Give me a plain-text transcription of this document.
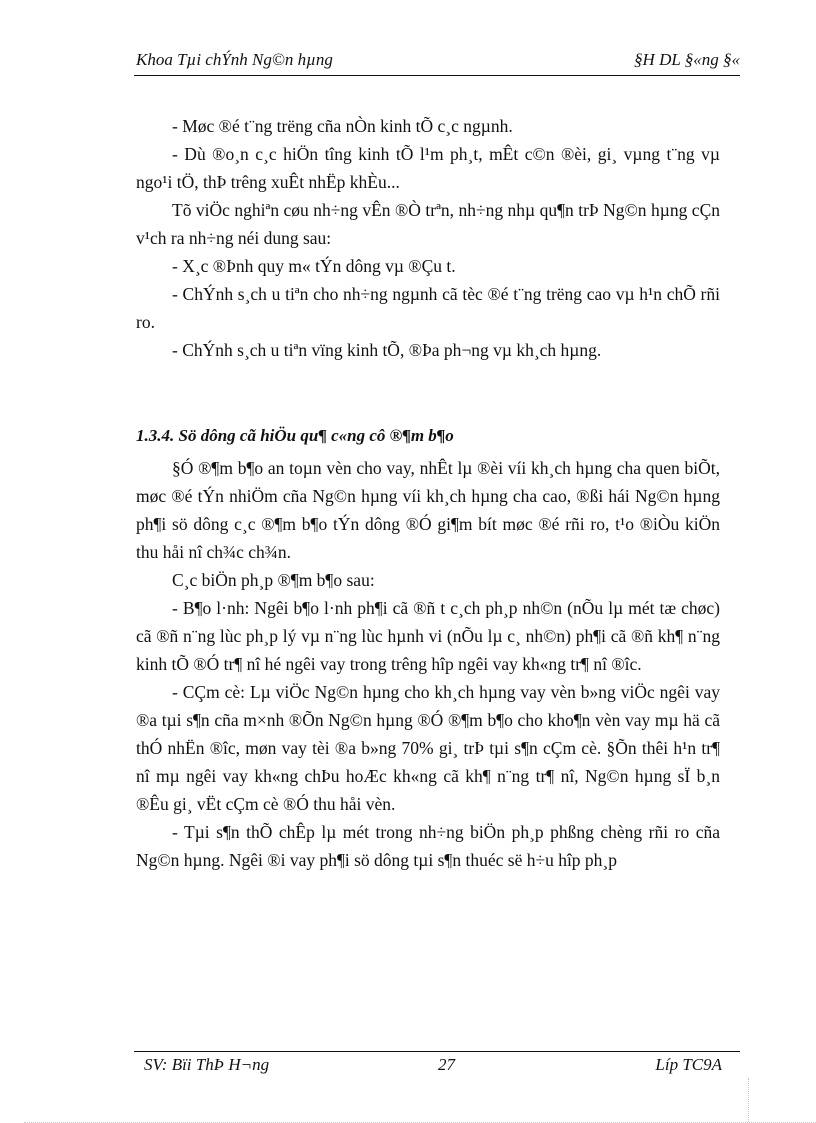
Khoa Tµi chÝnh Ng©n hµng	§H DL §«ng §«

- Møc ®é t¨ng trëng cña nÒn kinh tÕ c¸c ngµnh.

- Dù ®o¸n c¸c hiÖn tîng kinh tÕ l¹m ph¸t, mÊt c©n ®èi, gi¸ vµng t¨ng vµ ngo¹i tÖ, thÞ trêng xuÊt nhËp khÈu...

Tõ viÖc nghiªn cøu nh÷ng vÊn ®Ò trªn, nh÷ng nhµ qu¶n trÞ Ng©n hµng cÇn v¹ch ra nh÷ng néi dung sau:

- X¸c ®Þnh quy m« tÝn dông vµ ®Çu t.

- ChÝnh s¸ch u tiªn cho nh÷ng ngµnh cã tèc ®é t¨ng trëng cao vµ h¹n chÕ rñi ro.

- ChÝnh s¸ch u tiªn vïng kinh tÕ, ®Þa ph¬ng vµ kh¸ch hµng.

1.3.4. Sö dông cã hiÖu qu¶ c«ng cô ®¶m b¶o

§Ó ®¶m b¶o an toµn vèn cho vay, nhÊt lµ ®èi víi kh¸ch hµng cha quen biÕt, møc ®é tÝn nhiÖm cña Ng©n hµng víi kh¸ch hµng cha cao, ®ßi hái Ng©n hµng ph¶i sö dông c¸c ®¶m b¶o tÝn dông ®Ó gi¶m bít møc ®é rñi ro, t¹o ®iÒu kiÖn thu håi nî ch¾c ch¾n.

C¸c biÖn ph¸p ®¶m b¶o sau:

- B¶o l·nh: Ngêi b¶o l·nh ph¶i cã ®ñ t c¸ch ph¸p nh©n (nÕu lµ mét tæ chøc) cã ®ñ n¨ng lùc ph¸p lý vµ n¨ng lùc hµnh vi (nÕu lµ c¸ nh©n) ph¶i cã ®ñ kh¶ n¨ng kinh tÕ ®Ó tr¶ nî hé ngêi vay trong trêng hîp ngêi vay kh«ng tr¶ nî ®îc.

- CÇm cè: Lµ viÖc Ng©n hµng cho kh¸ch hµng vay vèn b»ng viÖc ngêi vay ®a tµi s¶n cña m×nh ®Õn Ng©n hµng ®Ó ®¶m b¶o cho kho¶n vèn vay mµ hä cã thÓ nhËn ®îc, møn vay tèi ®a b»ng 70% gi¸ trÞ tµi s¶n cÇm cè. §Õn thêi h¹n tr¶ nî mµ ngêi vay kh«ng chÞu hoÆc kh«ng cã kh¶ n¨ng tr¶ nî, Ng©n hµng sÏ b¸n ®Êu gi¸ vËt cÇm cè ®Ó thu håi vèn.

- Tµi s¶n thÕ chÊp lµ mét trong nh÷ng biÖn ph¸p phßng chèng rñi ro cña Ng©n hµng. Ngêi ®i vay ph¶i sö dông tµi s¶n thuéc së h÷u hîp ph¸p

SV: Bïi ThÞ H¬ng	27	Líp TC9A
